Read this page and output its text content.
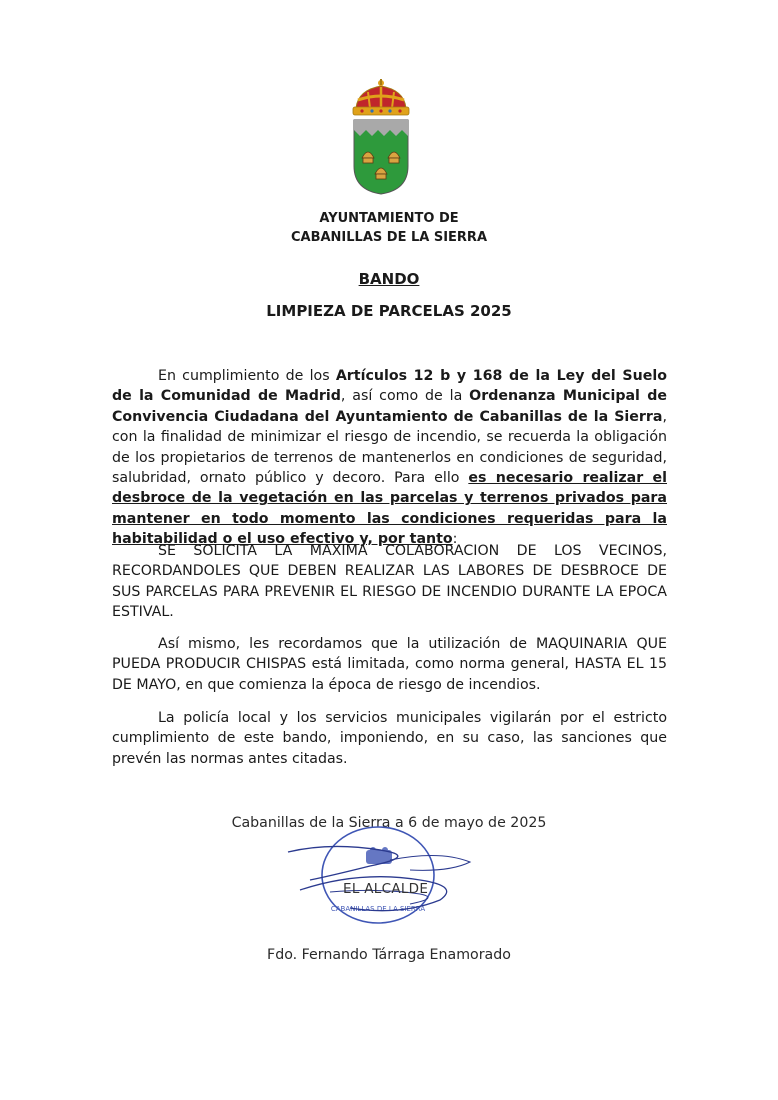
AYUNTAMIENTO DE
CABANILLAS DE LA SIERRA
BANDO
LIMPIEZA DE PARCELAS 2025
En cumplimiento de los Artículos 12 b y 168 de la Ley del Suelo de la Comunidad de Madrid, así como de la Ordenanza Municipal de Convivencia Ciudadana del Ayuntamiento de Cabanillas de la Sierra, con la finalidad de minimizar el riesgo de incendio, se recuerda la obligación de los propietarios de terrenos de mantenerlos en condiciones de seguridad, salubridad, ornato público y decoro. Para ello es necesario realizar el desbroce de la vegetación en las parcelas y terrenos privados para mantener en todo momento las condiciones requeridas para la habitabilidad o el uso efectivo y, por tanto:
SE SOLICITA LA MAXIMA COLABORACION DE LOS VECINOS, RECORDANDOLES QUE DEBEN REALIZAR LAS LABORES DE DESBROCE DE SUS PARCELAS PARA PREVENIR EL RIESGO DE INCENDIO DURANTE LA EPOCA ESTIVAL.
Así mismo, les recordamos que la utilización de MAQUINARIA QUE PUEDA PRODUCIR CHISPAS está limitada, como norma general, HASTA EL 15 DE MAYO, en que comienza la época de riesgo de incendios.
La policía local y los servicios municipales vigilarán por el estricto cumplimiento de este bando, imponiendo, en su caso, las sanciones que prevén las normas antes citadas.
Cabanillas de la Sierra a 6 de mayo de 2025
CABANILLAS DE LA SIERRA
EL ALCALDE
Fdo. Fernando Tárraga Enamorado
